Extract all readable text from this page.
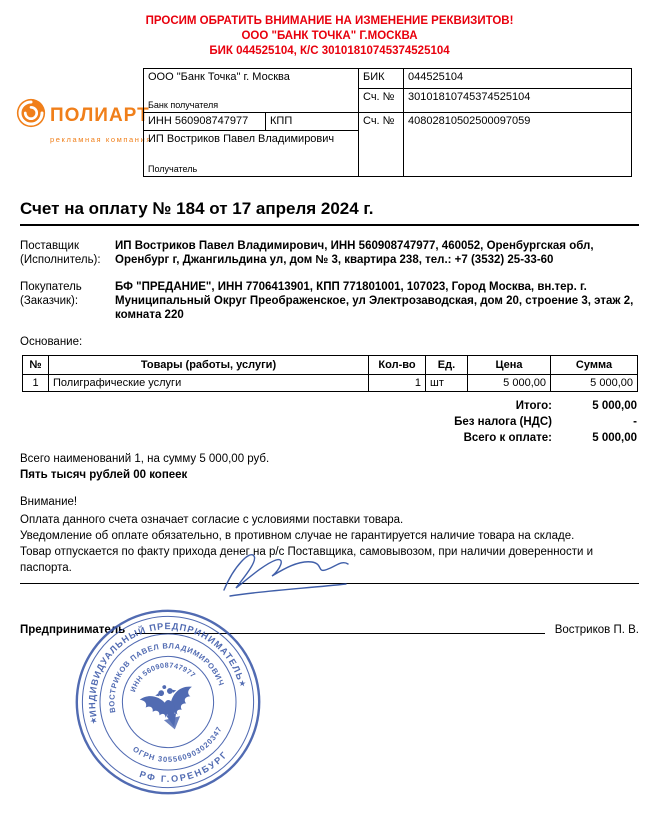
ПРОСИМ ОБРАТИТЬ ВНИМАНИЕ НА ИЗМЕНЕНИЕ РЕКВИЗИТОВ!
ООО "БАНК ТОЧКА" Г.МОСКВА
БИК 044525104, К/С 30101810745374525104
ПОЛИАРТ
рекламная компания
ООО "Банк Точка" г. Москва
Банк получателя		БИК	044525104
		Сч. №	30101810745374525104
ИНН 560908747977	КПП	Сч. №	40802810502500097059

ИП Востриков Павел Владимирович
Получатель			
Счет на оплату № 184 от 17 апреля 2024 г.
Поставщик
(Исполнитель):
ИП Востриков Павел Владимирович, ИНН 560908747977, 460052, Оренбургская обл, Оренбург г, Джангильдина ул, дом № 3, квартира 238, тел.: +7 (3532) 25-33-60
Покупатель
(Заказчик):
БФ "ПРЕДАНИЕ", ИНН 7706413901, КПП 771801001, 107023, Город Москва, вн.тер. г. Муниципальный Округ Преображенское, ул Электрозаводская, дом 20, строение 3, этаж 2, комната 220
Основание:
№	Товары (работы, услуги)	Кол-во	Ед.	Цена	Сумма
1	Полиграфические услуги	1	шт	5 000,00	5 000,00
Итого:	5 000,00
Без налога (НДС)	-
Всего к оплате:	5 000,00
Всего наименований 1, на сумму 5 000,00 руб.
Пять тысяч рублей 00 копеек
Внимание!
Оплата данного счета означает согласие с условиями поставки товара.
Уведомление об оплате обязательно, в противном случае не гарантируется наличие товара на складе.
Товар отпускается по факту прихода денег на р/с Поставщика, самовывозом, при наличии доверенности и паспорта.
Предприниматель	Востриков П. В.
ИНДИВИДУАЛЬНЫЙ ПРЕДПРИНИМАТЕЛЬ
РФ Г.ОРЕНБУРГ
ВОСТРИКОВ ПАВЕЛ ВЛАДИМИРОВИЧ
ОГРН 305560903020347
ИНН 560908747977
★
★
